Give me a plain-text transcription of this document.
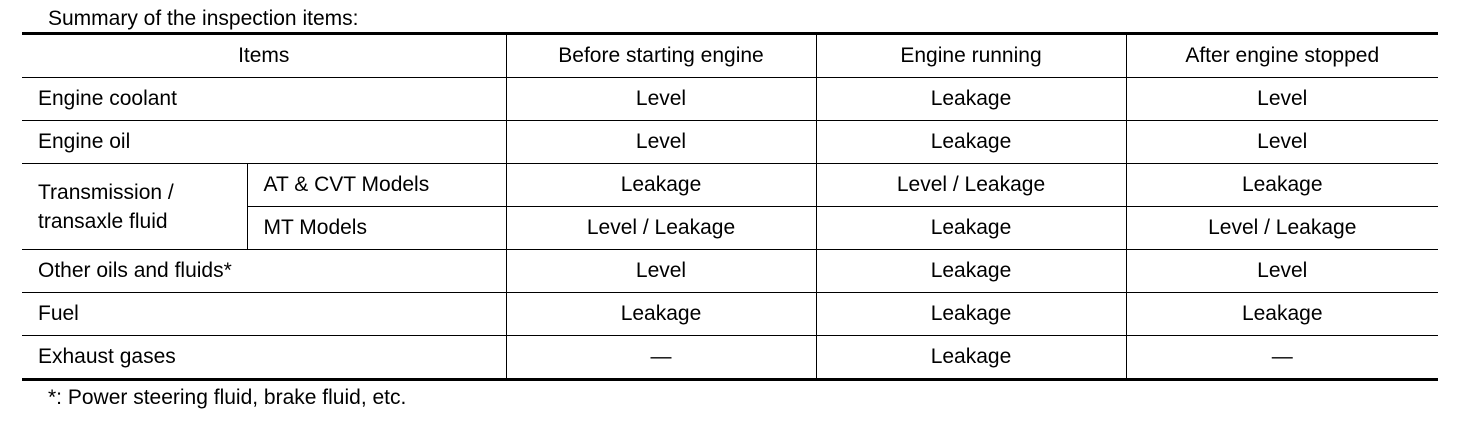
Summary of the inspection items:
Items		Before starting engine	Engine running	After engine stopped
Engine coolant		Level	Leakage	Level
Engine oil		Level	Leakage	Level

Transmission /
transaxle fluid	AT & CVT Models	Leakage	Level / Leakage	Leakage
	MT Models	Level / Leakage	Leakage	Level / Leakage
Other oils and fluids*		Level	Leakage	Level
Fuel		Leakage	Leakage	Leakage
Exhaust gases		—	Leakage	—
*: Power steering fluid, brake fluid, etc.
